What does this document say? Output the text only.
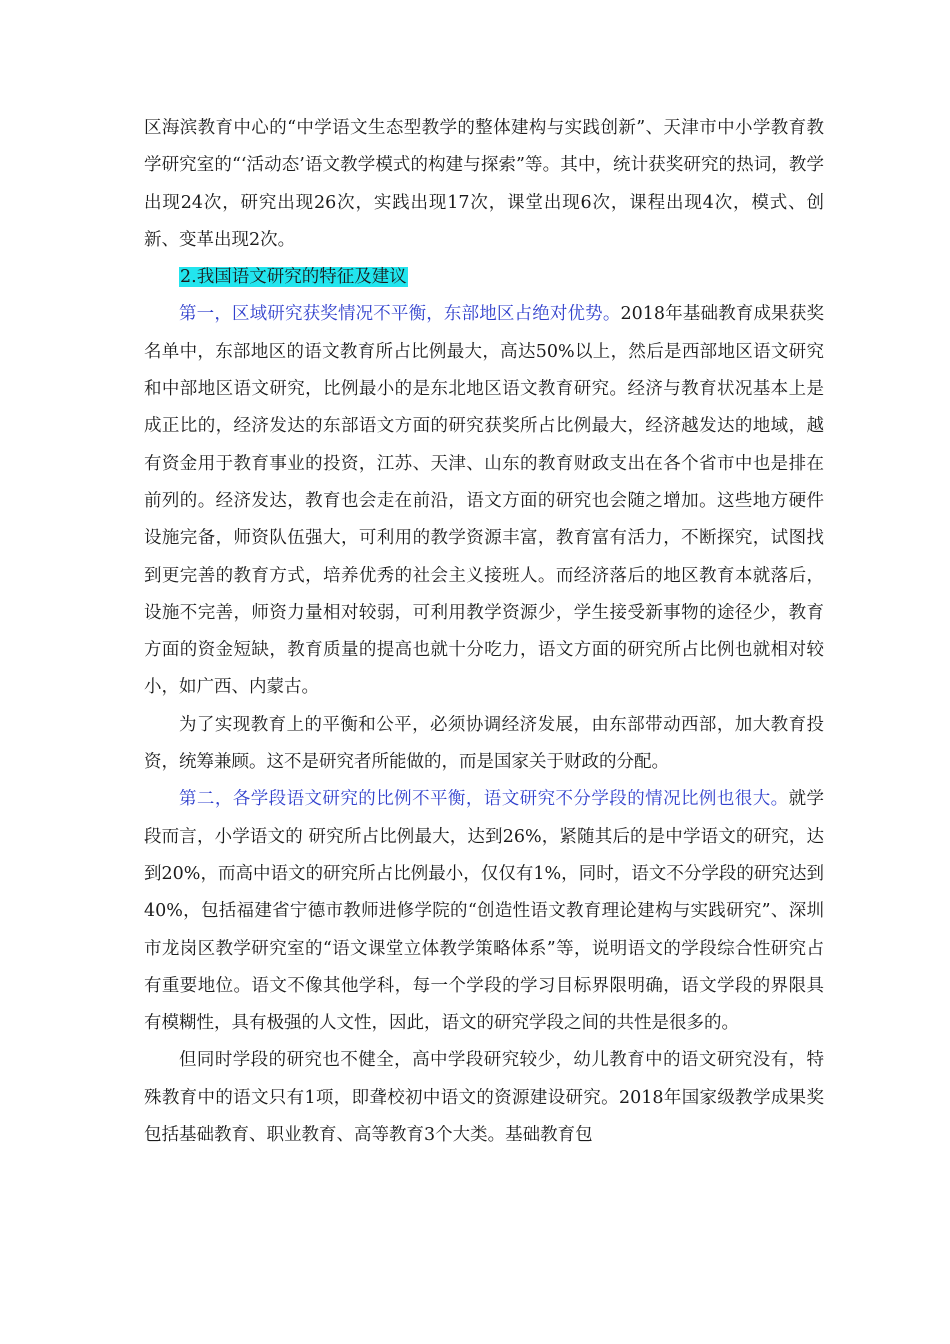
区海滨教育中心的“中学语文生态型教学的整体建构与实践创新”、天津市中小学教育教学研究室的“‘活动态’语文教学模式的构建与探索”等。其中，统计获奖研究的热词，教学出现24次，研究出现26次，实践出现17次，课堂出现6次，课程出现4次，模式、创新、变革出现2次。

2.我国语文研究的特征及建议

第一，区域研究获奖情况不平衡，东部地区占绝对优势。2018年基础教育成果获奖名单中，东部地区的语文教育所占比例最大，高达50%以上，然后是西部地区语文研究和中部地区语文研究，比例最小的是东北地区语文教育研究。经济与教育状况基本上是成正比的，经济发达的东部语文方面的研究获奖所占比例最大，经济越发达的地域，越有资金用于教育事业的投资，江苏、天津、山东的教育财政支出在各个省市中也是排在前列的。经济发达，教育也会走在前沿，语文方面的研究也会随之增加。这些地方硬件设施完备，师资队伍强大，可利用的教学资源丰富，教育富有活力，不断探究，试图找到更完善的教育方式，培养优秀的社会主义接班人。而经济落后的地区教育本就落后，设施不完善，师资力量相对较弱，可利用教学资源少，学生接受新事物的途径少，教育方面的资金短缺，教育质量的提高也就十分吃力，语文方面的研究所占比例也就相对较小，如广西、内蒙古。

为了实现教育上的平衡和公平，必须协调经济发展，由东部带动西部，加大教育投资，统筹兼顾。这不是研究者所能做的，而是国家关于财政的分配。

第二，各学段语文研究的比例不平衡，语文研究不分学段的情况比例也很大。就学段而言，小学语文的 研究所占比例最大，达到26%，紧随其后的是中学语文的研究，达到20%，而高中语文的研究所占比例最小，仅仅有1%，同时，语文不分学段的研究达到40%，包括福建省宁德市教师进修学院的“创造性语文教育理论建构与实践研究”、深圳市龙岗区教学研究室的“语文课堂立体教学策略体系”等，说明语文的学段综合性研究占有重要地位。语文不像其他学科，每一个学段的学习目标界限明确，语文学段的界限具有模糊性，具有极强的人文性，因此，语文的研究学段之间的共性是很多的。

但同时学段的研究也不健全，高中学段研究较少，幼儿教育中的语文研究没有，特殊教育中的语文只有1项，即聋校初中语文的资源建设研究。2018年国家级教学成果奖包括基础教育、职业教育、高等教育3个大类。基础教育包
